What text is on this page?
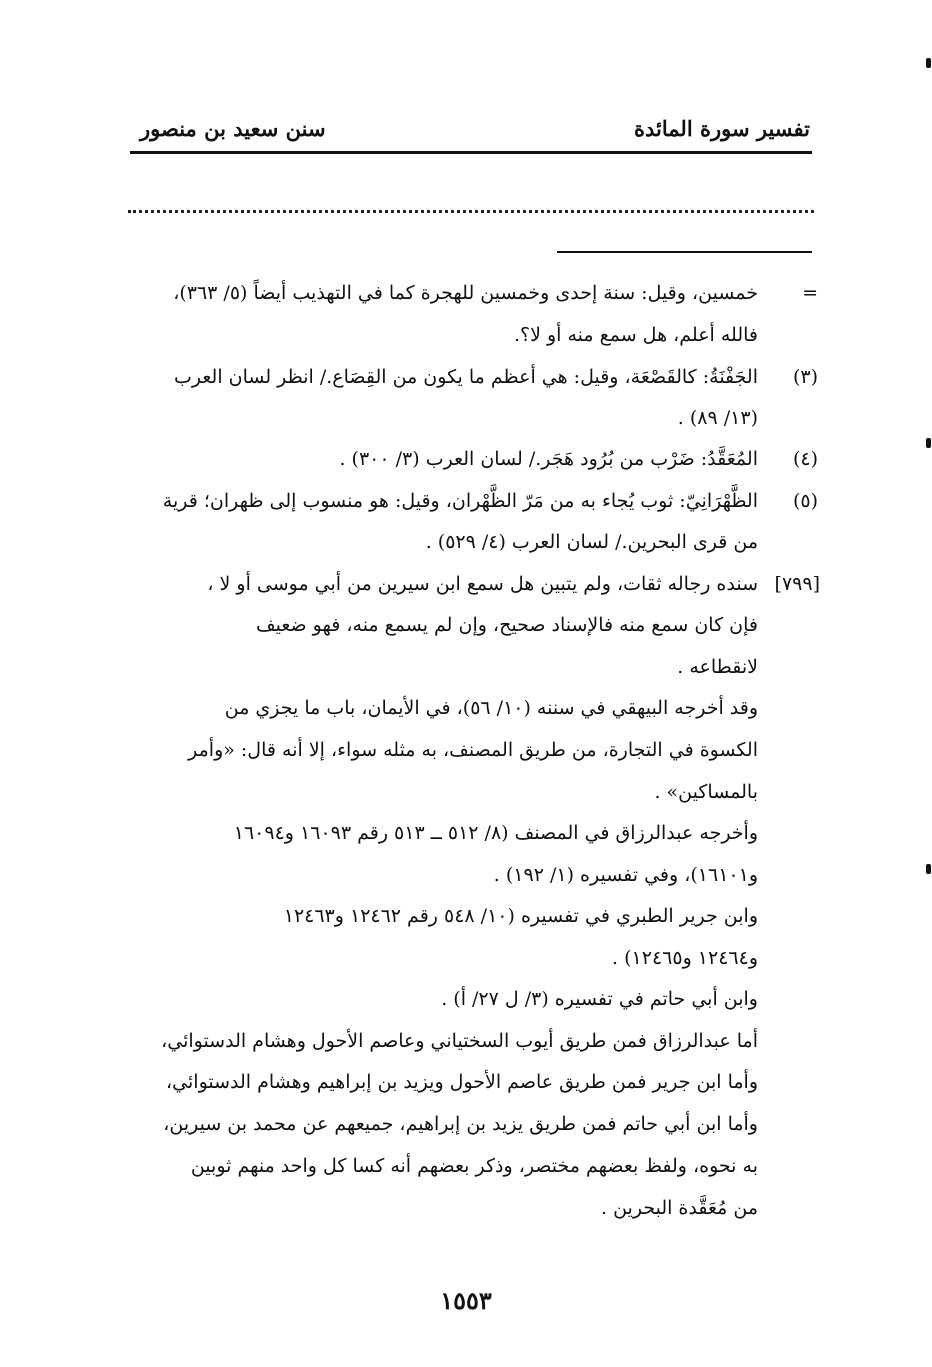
تفسير سورة المائدة
سنن سعيد بن منصور
=
(٣)
(٤)
(٥)
[٧٩٩]
خمسين، وقيل: سنة إحدى وخمسين للهجرة كما في التهذيب أيضاً (٥/ ٣٦٣)،
فالله أعلم، هل سمع منه أو لا؟.
الجَفْنَةُ: كالقَصْعَة، وقيل: هي أعظم ما يكون من القِصَاع./ انظر لسان العرب
(١٣/ ٨٩) .
المُعَقَّدُ: ضَرْب من بُرُود هَجَر./ لسان العرب (٣/ ٣٠٠) .
الظَّهْرَانِيّ: ثوب يُجاء به من مَرّ الظَّهْران، وقيل: هو منسوب إلى ظهران؛ قرية
من قرى البحرين./ لسان العرب (٤/ ٥٢٩) .
سنده رجاله ثقات، ولم يتبين هل سمع ابن سيرين من أبي موسى أو لا ،
فإن كان سمع منه فالإسناد صحيح، وإن لم يسمع منه، فهو ضعيف
لانقطاعه .
وقد أخرجه البيهقي في سننه (١٠/ ٥٦)، في الأيمان، باب ما يجزي من
الكسوة في التجارة، من طريق المصنف، به مثله سواء، إلا أنه قال: «وأمر
بالمساكين» .
وأخرجه عبدالرزاق في المصنف (٨/ ٥١٢ ــ ٥١٣ رقم ١٦٠٩٣ و١٦٠٩٤
و١٦١٠١)، وفي تفسيره (١/ ١٩٢) .
وابن جرير الطبري في تفسيره (١٠/ ٥٤٨ رقم ١٢٤٦٢ و١٢٤٦٣
و١٢٤٦٤ و١٢٤٦٥) .
وابن أبي حاتم في تفسيره (٣/ ل ٢٧/ أ) .
أما عبدالرزاق فمن طريق أيوب السختياني وعاصم الأحول وهشام الدستوائي،
وأما ابن جرير فمن طريق عاصم الأحول ويزيد بن إبراهيم وهشام الدستوائي،
وأما ابن أبي حاتم فمن طريق يزيد بن إبراهيم، جميعهم عن محمد بن سيرين،
به نحوه، ولفظ بعضهم مختصر، وذكر بعضهم أنه كسا كل واحد منهم ثوبين
من مُعَقَّدة البحرين .
١٥٥٣
